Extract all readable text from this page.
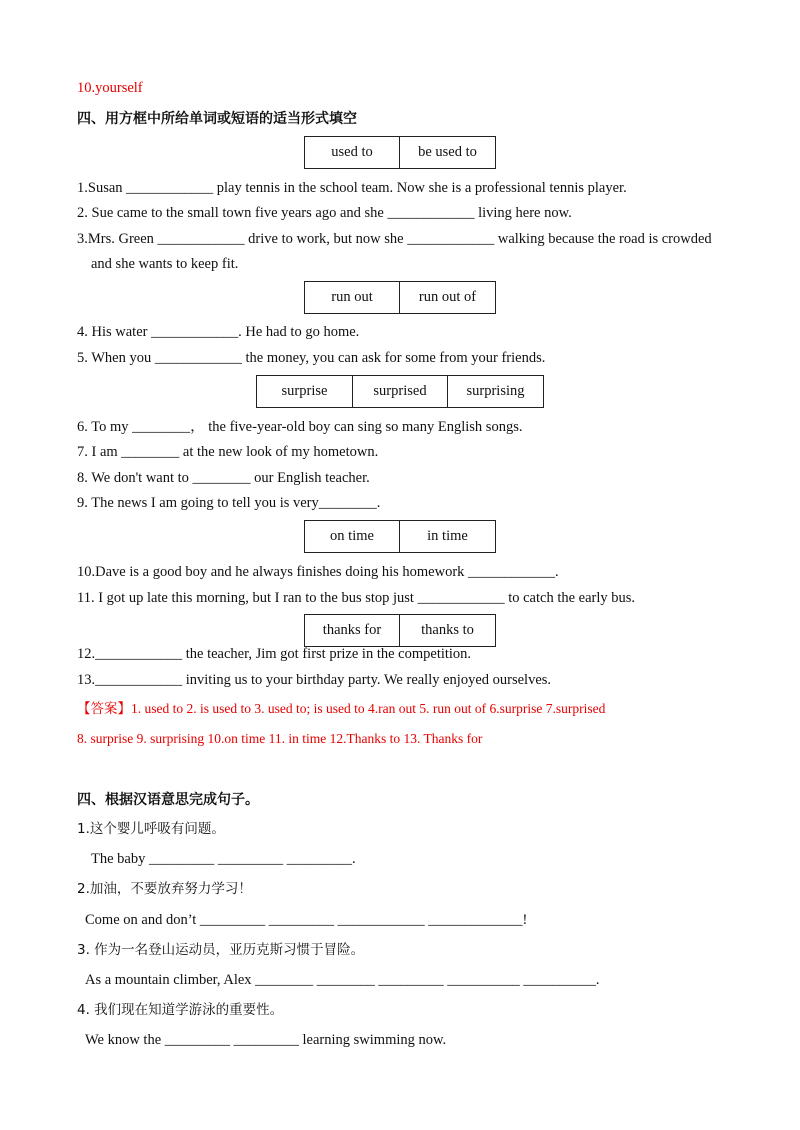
10.yourself
四、用方框中所给单词或短语的适当形式填空
used to	be used to
1.Susan ____________ play tennis in the school team. Now she is a professional tennis player.
2. Sue came to the small town five years ago and she ____________ living here now.
3.Mrs. Green ____________ drive to work, but now she ____________ walking because the road is crowded
and she wants to keep fit.
run out	run out of
4. His water ____________. He had to go home.
5. When you ____________ the money, you can ask for some from your friends.
surprise	surprised	surprising
6. To my ________， the five-year-old boy can sing so many English songs.
7. I am ________ at the new look of my hometown.
8. We don't want to ________ our English teacher.
9. The news I am going to tell you is very________.
on time	in time
10.Dave is a good boy and he always finishes doing his homework ____________.
11. I got up late this morning, but I ran to the bus stop just ____________ to catch the early bus.
thanks for	thanks to
12.____________ the teacher, Jim got first prize in the competition.
13.____________ inviting us to your birthday party. We really enjoyed ourselves.
【答案】1. used to 2. is used to 3. used to; is used to 4.ran out 5. run out of 6.surprise 7.surprised
8. surprise 9. surprising 10.on time 11. in time 12.Thanks to 13. Thanks for
四、根据汉语意思完成句子。
1.这个婴儿呼吸有问题。
The baby _________ _________ _________.
2.加油，不要放弃努力学习！
Come on and don’t _________ _________ ____________ _____________!
3. 作为一名登山运动员，亚历克斯习惯于冒险。
As a mountain climber, Alex ________ ________ _________ __________ __________.
4. 我们现在知道学游泳的重要性。
We know the _________ _________ learning swimming now.
